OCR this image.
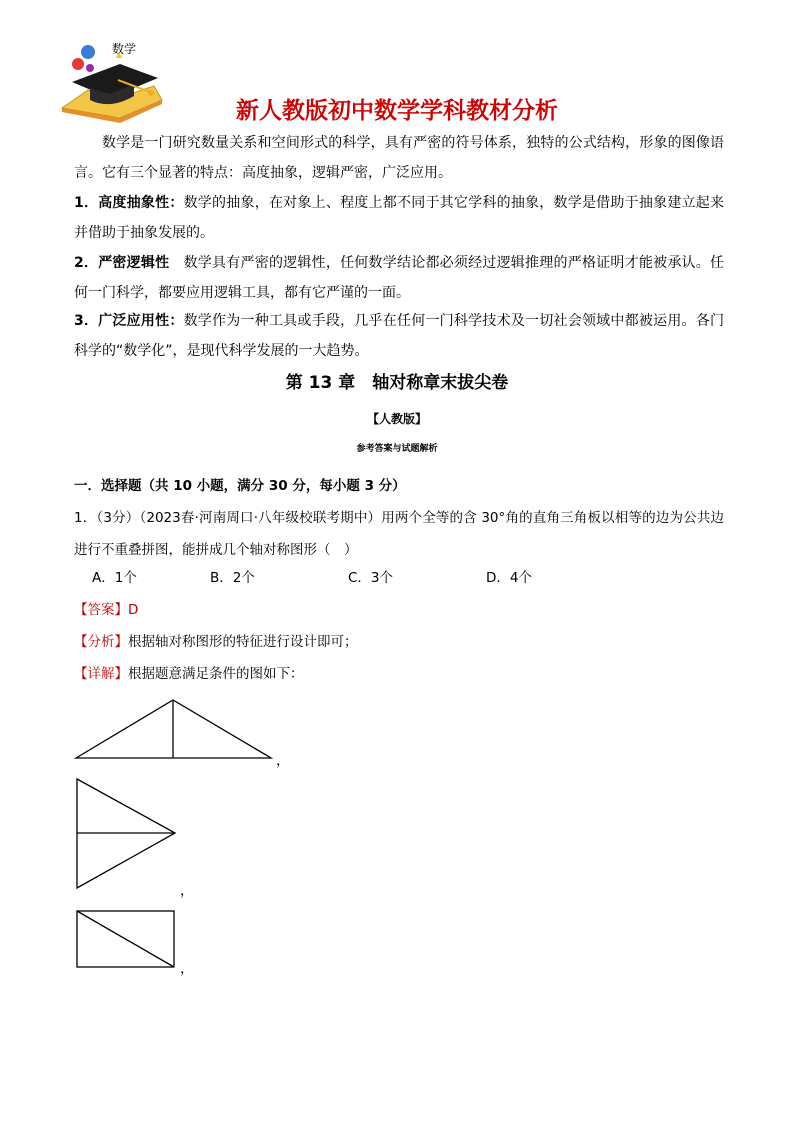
数学
新人教版初中数学学科教材分析
数学是一门研究数量关系和空间形式的科学，具有严密的符号体系，独特的公式结构，形象的图像语言。它有三个显著的特点：高度抽象，逻辑严密，广泛应用。
1．高度抽象性：数学的抽象，在对象上、程度上都不同于其它学科的抽象，数学是借助于抽象建立起来并借助于抽象发展的。
2．严密逻辑性　数学具有严密的逻辑性，任何数学结论都必须经过逻辑推理的严格证明才能被承认。任何一门科学，都要应用逻辑工具，都有它严谨的一面。
3．广泛应用性：数学作为一种工具或手段，几乎在任何一门科学技术及一切社会领域中都被运用。各门科学的“数学化”，是现代科学发展的一大趋势。
第 13 章　轴对称章末拔尖卷
【人教版】
参考答案与试题解析
一．选择题（共 10 小题，满分 30 分，每小题 3 分）
1．（3分）（2023春·河南周口·八年级校联考期中）用两个全等的含 30°角的直角三角板以相等的边为公共边进行不重叠拼图，能拼成几个轴对称图形（　）
A．1个	B．2个	C．3个	D．4个
【答案】D
【分析】根据轴对称图形的特征进行设计即可；
【详解】根据题意满足条件的图如下：
，
，
，
